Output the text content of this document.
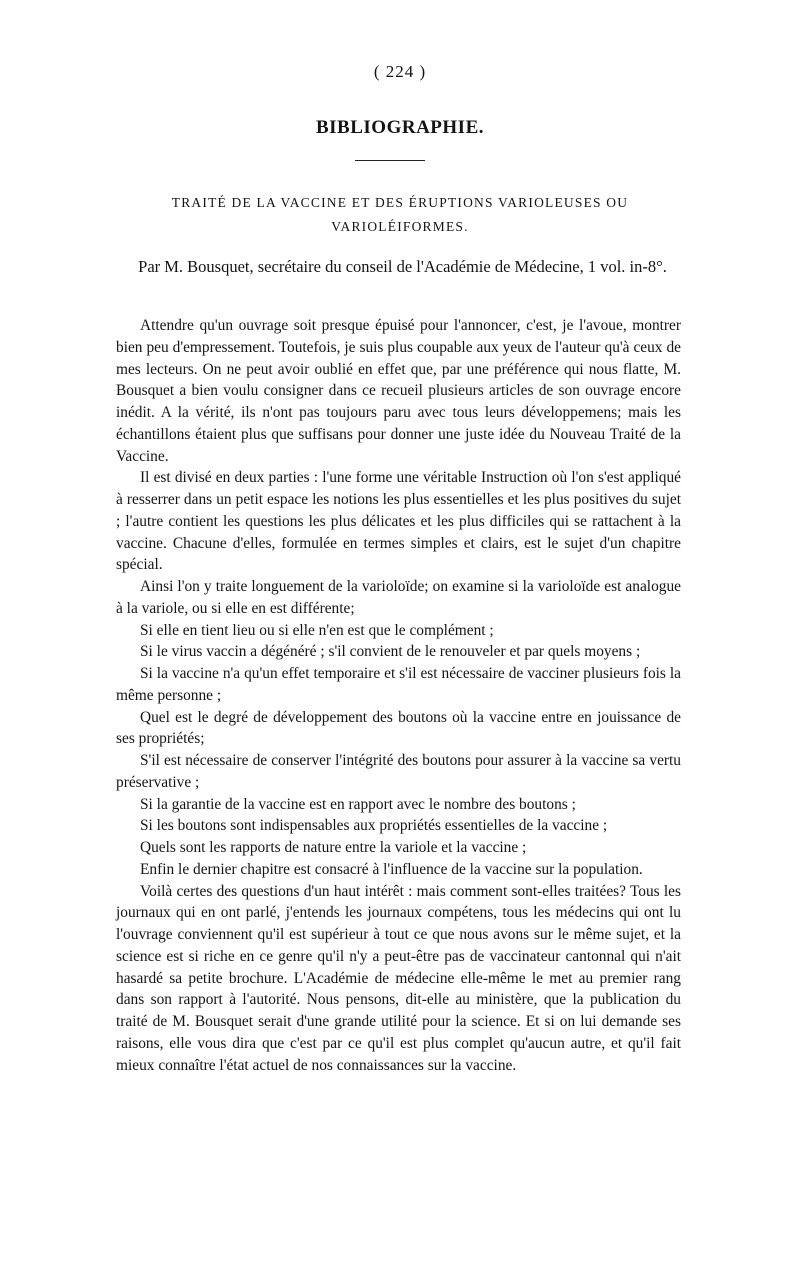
( 224 )
BIBLIOGRAPHIE.
TRAITÉ DE LA VACCINE ET DES ÉRUPTIONS VARIOLEUSES OU VARIOLÉIFORMES.
Par M. Bousquet, secrétaire du conseil de l'Académie de Médecine, 1 vol. in-8°.

Attendre qu'un ouvrage soit presque épuisé pour l'annoncer, c'est, je l'avoue, montrer bien peu d'empressement. Toutefois, je suis plus coupable aux yeux de l'auteur qu'à ceux de mes lecteurs. On ne peut avoir oublié en effet que, par une préférence qui nous flatte, M. Bousquet a bien voulu consigner dans ce recueil plusieurs articles de son ouvrage encore inédit. A la vérité, ils n'ont pas toujours paru avec tous leurs développemens; mais les échantillons étaient plus que suffisans pour donner une juste idée du Nouveau Traité de la Vaccine.

Il est divisé en deux parties : l'une forme une véritable Instruction où l'on s'est appliqué à resserrer dans un petit espace les notions les plus essentielles et les plus positives du sujet ; l'autre contient les questions les plus délicates et les plus difficiles qui se rattachent à la vaccine. Chacune d'elles, formulée en termes simples et clairs, est le sujet d'un chapitre spécial.

Ainsi l'on y traite longuement de la varioloïde; on examine si la varioloïde est analogue à la variole, ou si elle en est différente;

Si elle en tient lieu ou si elle n'en est que le complément ;

Si le virus vaccin a dégénéré ; s'il convient de le renouveler et par quels moyens ;

Si la vaccine n'a qu'un effet temporaire et s'il est nécessaire de vacciner plusieurs fois la même personne ;

Quel est le degré de développement des boutons où la vaccine entre en jouissance de ses propriétés;

S'il est nécessaire de conserver l'intégrité des boutons pour assurer à la vaccine sa vertu préservative ;

Si la garantie de la vaccine est en rapport avec le nombre des boutons ;

Si les boutons sont indispensables aux propriétés essentielles de la vaccine ;

Quels sont les rapports de nature entre la variole et la vaccine ;

Enfin le dernier chapitre est consacré à l'influence de la vaccine sur la population.

Voilà certes des questions d'un haut intérêt : mais comment sont-elles traitées? Tous les journaux qui en ont parlé, j'entends les journaux compétens, tous les médecins qui ont lu l'ouvrage conviennent qu'il est supérieur à tout ce que nous avons sur le même sujet, et la science est si riche en ce genre qu'il n'y a peut-être pas de vaccinateur cantonnal qui n'ait hasardé sa petite brochure. L'Académie de médecine elle-même le met au premier rang dans son rapport à l'autorité. Nous pensons, dit-elle au ministère, que la publication du traité de M. Bousquet serait d'une grande utilité pour la science. Et si on lui demande ses raisons, elle vous dira que c'est par ce qu'il est plus complet qu'aucun autre, et qu'il fait mieux connaître l'état actuel de nos connaissances sur la vaccine.
